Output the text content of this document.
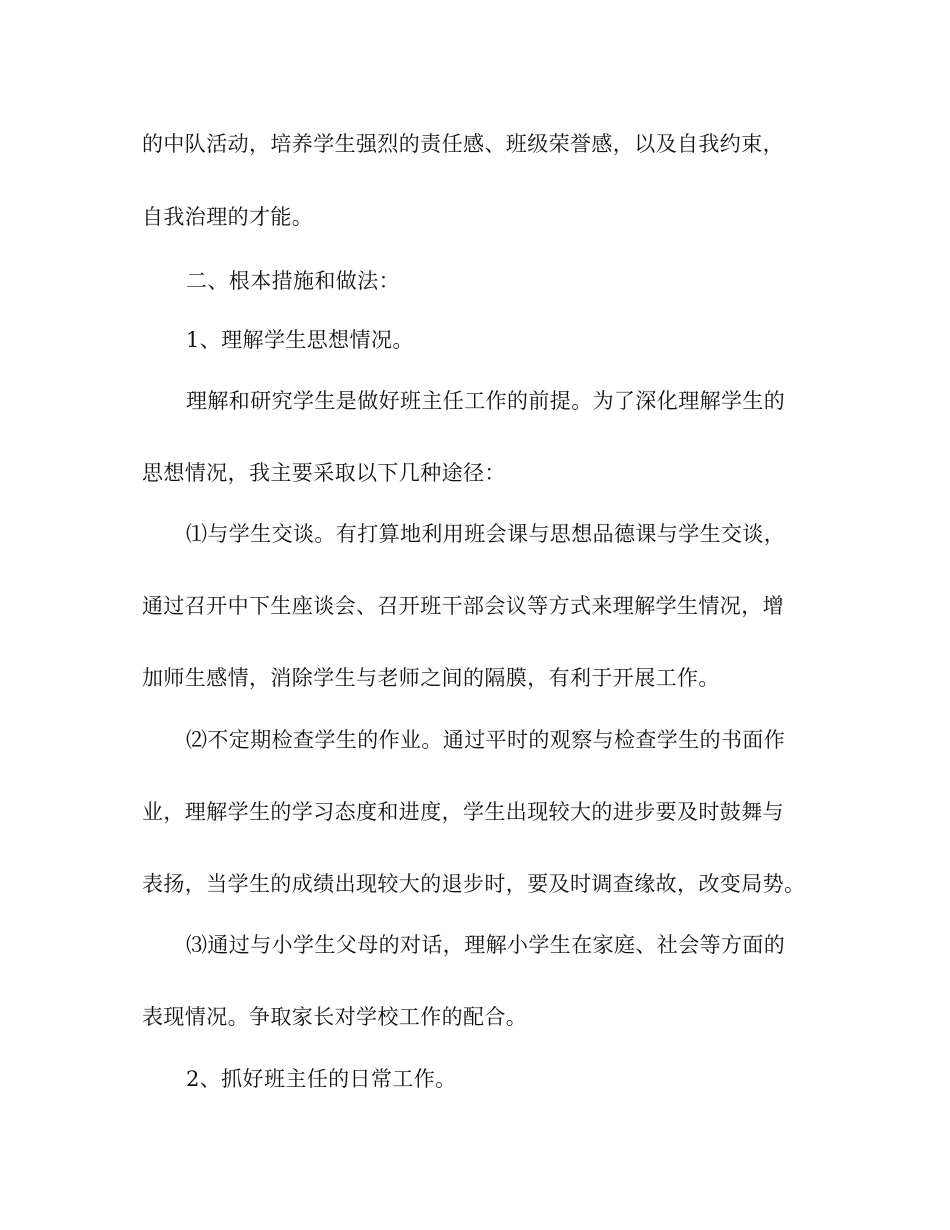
的中队活动，培养学生强烈的责任感、班级荣誉感，以及自我约束，
自我治理的才能。
二、根本措施和做法：
1、理解学生思想情况。
理解和研究学生是做好班主任工作的前提。为了深化理解学生的
思想情况，我主要采取以下几种途径：
⑴与学生交谈。有打算地利用班会课与思想品德课与学生交谈，
通过召开中下生座谈会、召开班干部会议等方式来理解学生情况，增
加师生感情，消除学生与老师之间的隔膜，有利于开展工作。
⑵不定期检查学生的作业。通过平时的观察与检查学生的书面作
业，理解学生的学习态度和进度，学生出现较大的进步要及时鼓舞与
表扬，当学生的成绩出现较大的退步时，要及时调查缘故，改变局势。
⑶通过与小学生父母的对话，理解小学生在家庭、社会等方面的
表现情况。争取家长对学校工作的配合。
2、抓好班主任的日常工作。
